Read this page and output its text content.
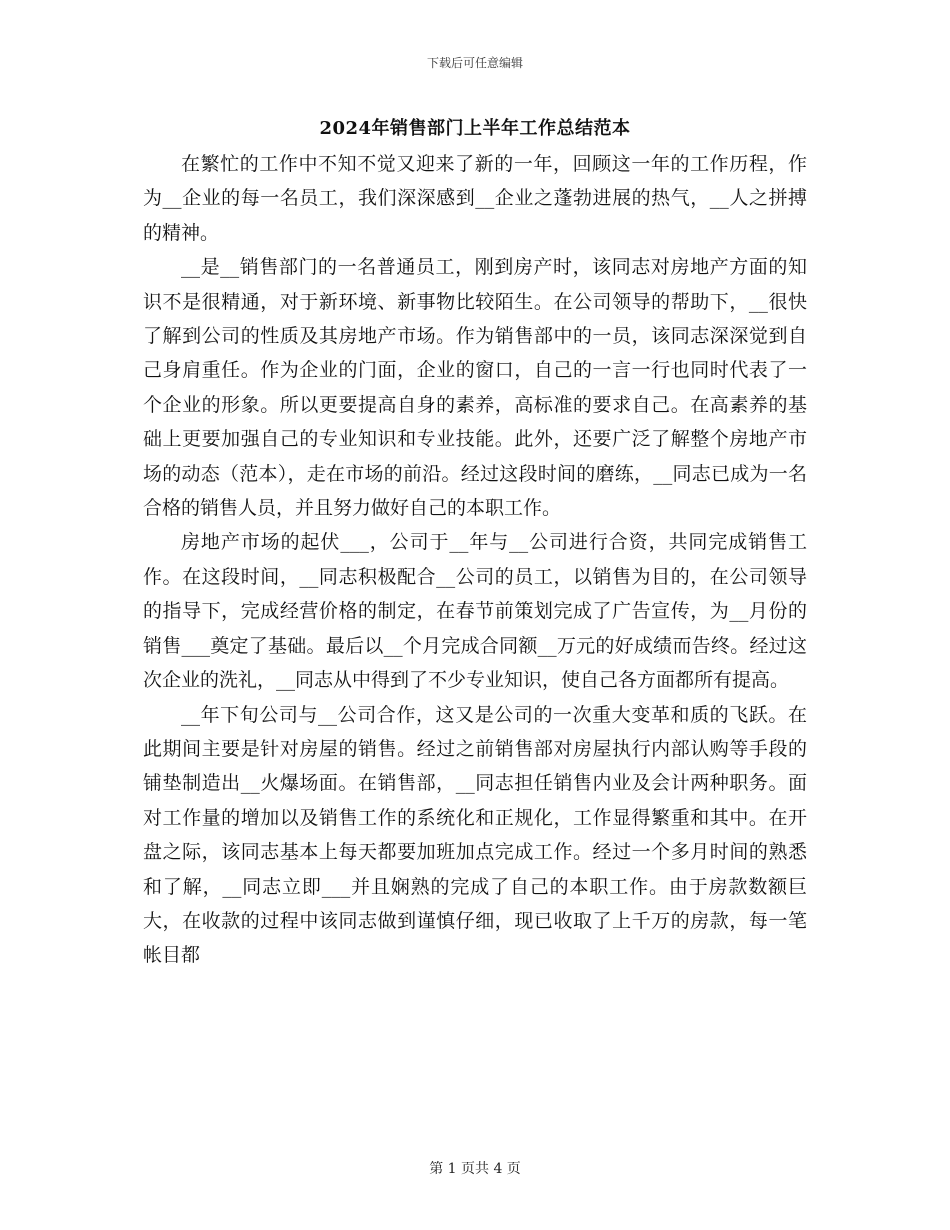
下载后可任意编辑
2024年销售部门上半年工作总结范本

在繁忙的工作中不知不觉又迎来了新的一年，回顾这一年的工作历程，作为__企业的每一名员工，我们深深感到__企业之蓬勃进展的热气，__人之拼搏的精神。

__是__销售部门的一名普通员工，刚到房产时，该同志对房地产方面的知识不是很精通，对于新环境、新事物比较陌生。在公司领导的帮助下，__很快了解到公司的性质及其房地产市场。作为销售部中的一员，该同志深深觉到自己身肩重任。作为企业的门面，企业的窗口，自己的一言一行也同时代表了一个企业的形象。所以更要提高自身的素养，高标准的要求自己。在高素养的基础上更要加强自己的专业知识和专业技能。此外，还要广泛了解整个房地产市场的动态（范本），走在市场的前沿。经过这段时间的磨练，__同志已成为一名合格的销售人员，并且努力做好自己的本职工作。

房地产市场的起伏___，公司于__年与__公司进行合资，共同完成销售工作。在这段时间，__同志积极配合__公司的员工，以销售为目的，在公司领导的指导下，完成经营价格的制定，在春节前策划完成了广告宣传，为__月份的销售___奠定了基础。最后以__个月完成合同额__万元的好成绩而告终。经过这次企业的洗礼，__同志从中得到了不少专业知识，使自己各方面都所有提高。

__年下旬公司与__公司合作，这又是公司的一次重大变革和质的飞跃。在此期间主要是针对房屋的销售。经过之前销售部对房屋执行内部认购等手段的铺垫制造出__火爆场面。在销售部，__同志担任销售内业及会计两种职务。面对工作量的增加以及销售工作的系统化和正规化，工作显得繁重和其中。在开盘之际，该同志基本上每天都要加班加点完成工作。经过一个多月时间的熟悉和了解，__同志立即___并且娴熟的完成了自己的本职工作。由于房款数额巨大，在收款的过程中该同志做到谨慎仔细，现已收取了上千万的房款，每一笔帐目都

第 1 页共 4 页
